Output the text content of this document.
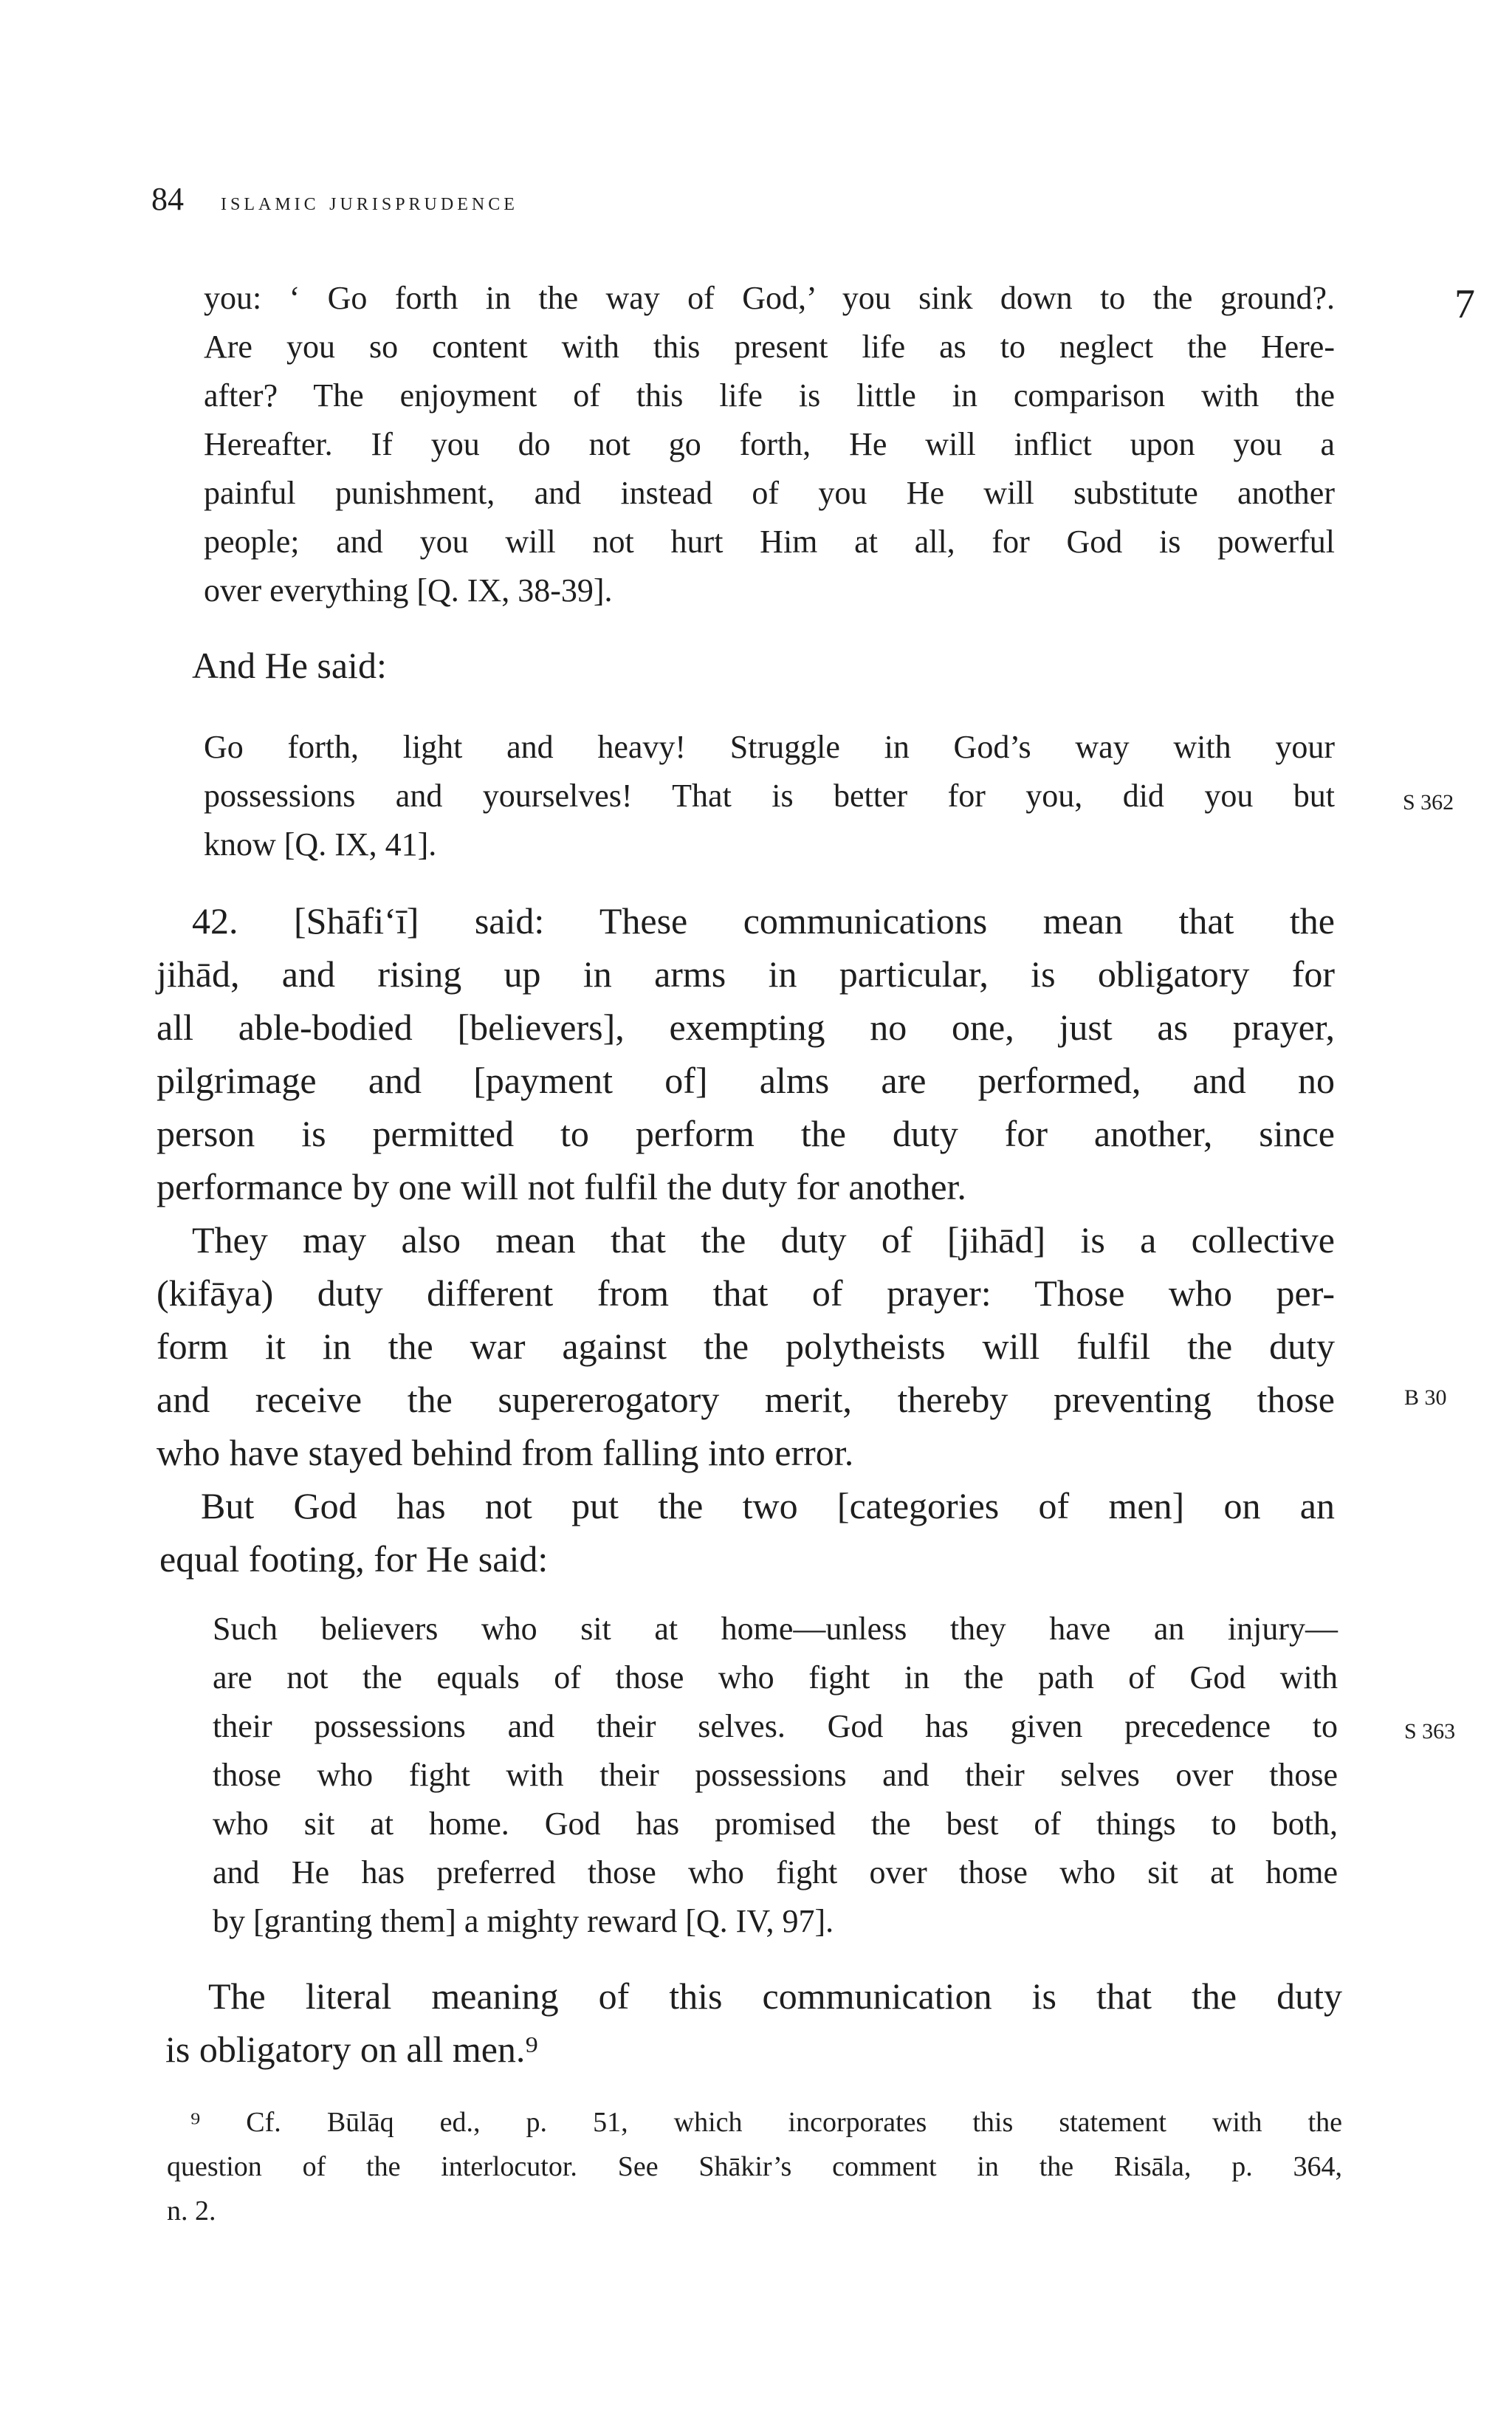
84 islamic jurisprudence
you: ‘ Go forth in the way of God,’ you sink down to the ground?.
Are you so content with this present life as to neglect the Here-
after? The enjoyment of this life is little in comparison with the
Hereafter. If you do not go forth, He will inflict upon you a
painful punishment, and instead of you He will substitute another
people; and you will not hurt Him at all, for God is powerful
over everything [Q. IX, 38-39].
And He said:
Go forth, light and heavy! Struggle in God’s way with your
possessions and yourselves! That is better for you, did you but
know [Q. IX, 41].
42. [Shāfi‘ī] said: These communications mean that the
jihād, and rising up in arms in particular, is obligatory for
all able-bodied [believers], exempting no one, just as prayer,
pilgrimage and [payment of] alms are performed, and no
person is permitted to perform the duty for another, since
performance by one will not fulfil the duty for another.
They may also mean that the duty of [jihād] is a collective
(kifāya) duty different from that of prayer: Those who per-
form it in the war against the polytheists will fulfil the duty
and receive the supererogatory merit, thereby preventing those
who have stayed behind from falling into error.
But God has not put the two [categories of men] on an
equal footing, for He said:
Such believers who sit at home—unless they have an injury—
are not the equals of those who fight in the path of God with
their possessions and their selves. God has given precedence to
those who fight with their possessions and their selves over those
who sit at home. God has promised the best of things to both,
and He has preferred those who fight over those who sit at home
by [granting them] a mighty reward [Q. IV, 97].
The literal meaning of this communication is that the duty
is obligatory on all men.⁹
⁹ Cf. Būlāq ed., p. 51, which incorporates this statement with the
question of the interlocutor. See Shākir’s comment in the Risāla, p. 364,
n. 2.
7
S 362
B 30
S 363
